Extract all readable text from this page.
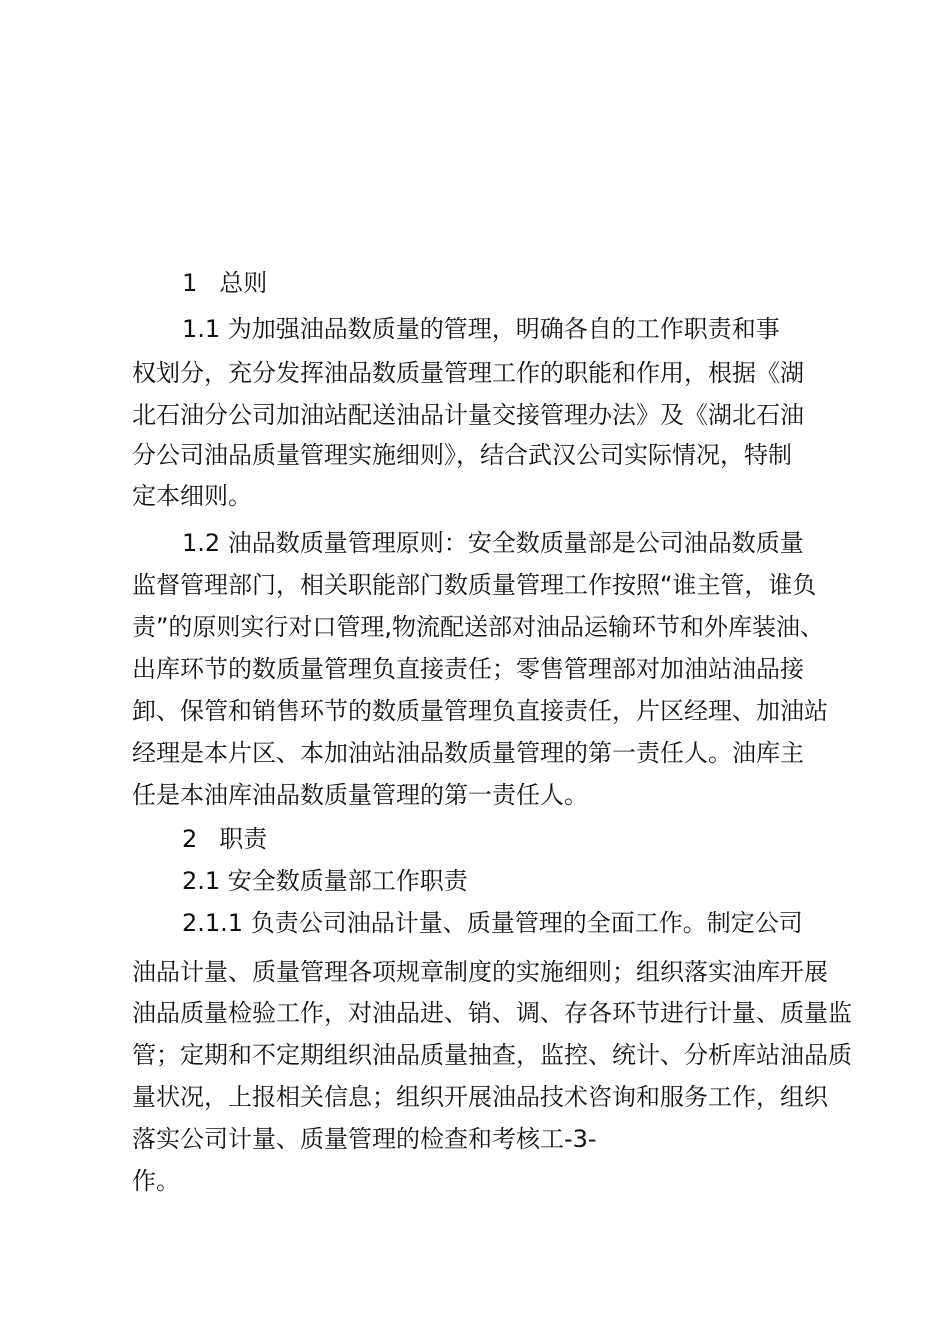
1 总则
1.1 为加强油品数质量的管理，明确各自的工作职责和事
权划分，充分发挥油品数质量管理工作的职能和作用，根据《湖
北石油分公司加油站配送油品计量交接管理办法》及《湖北石油
分公司油品质量管理实施细则》，结合武汉公司实际情况，特制
定本细则。
1.2 油品数质量管理原则：安全数质量部是公司油品数质量
监督管理部门，相关职能部门数质量管理工作按照“谁主管，谁负
责”的原则实行对口管理,物流配送部对油品运输环节和外库装油、
出库环节的数质量管理负直接责任；零售管理部对加油站油品接
卸、保管和销售环节的数质量管理负直接责任，片区经理、加油站
经理是本片区、本加油站油品数质量管理的第一责任人。油库主
任是本油库油品数质量管理的第一责任人。
2 职责
2.1 安全数质量部工作职责
2.1.1 负责公司油品计量、质量管理的全面工作。制定公司
油品计量、质量管理各项规章制度的实施细则；组织落实油库开展
油品质量检验工作，对油品进、销、调、存各环节进行计量、质量监
管；定期和不定期组织油品质量抽查，监控、统计、分析库站油品质
量状况，上报相关信息；组织开展油品技术咨询和服务工作，组织
落实公司计量、质量管理的检查和考核工-3-
作。
